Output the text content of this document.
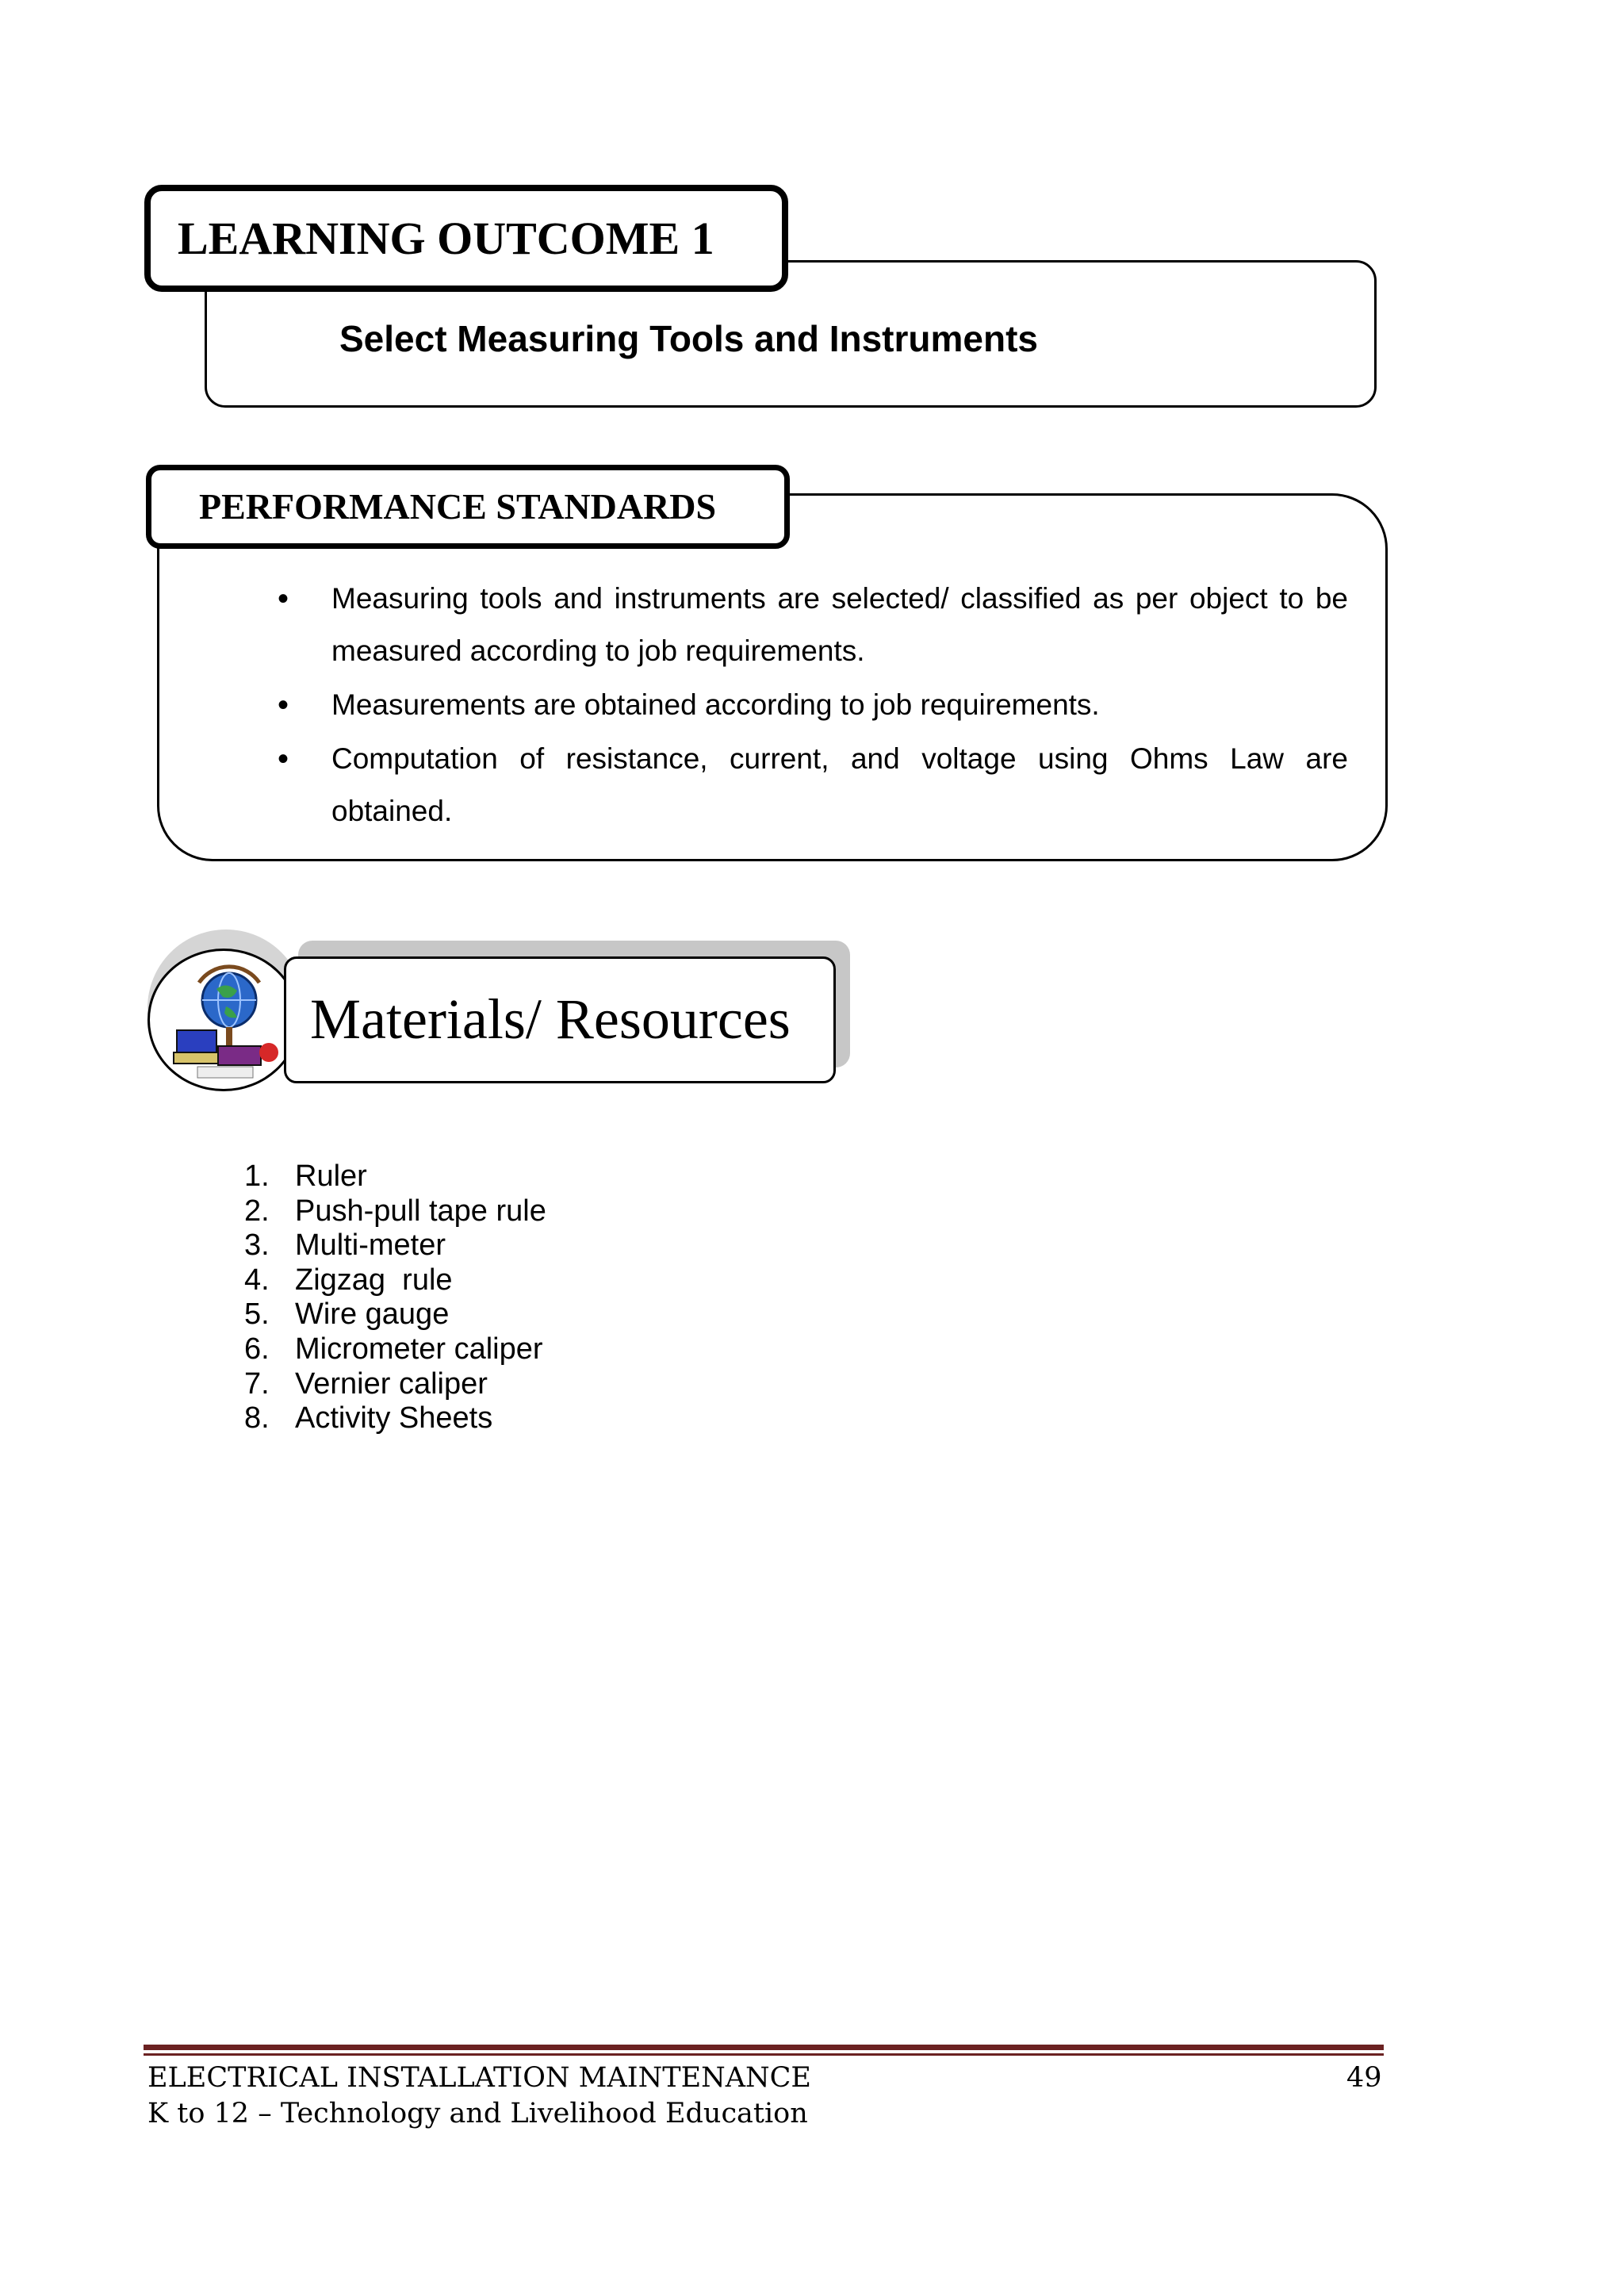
LEARNING OUTCOME 1
Select Measuring Tools and Instruments
PERFORMANCE STANDARDS
• Measuring tools and instruments are selected/ classified as per object to be measured according to job requirements.
• Measurements are obtained according to job requirements.
• Computation of resistance, current, and voltage using Ohms Law are obtained.
Materials/ Resources
1. Ruler
2. Push-pull tape rule
3. Multi-meter
4. Zigzag  rule
5. Wire gauge
6. Micrometer caliper
7. Vernier caliper
8. Activity Sheets
ELECTRICAL INSTALLATION MAINTENANCE
K to 12 – Technology and Livelihood Education
49
